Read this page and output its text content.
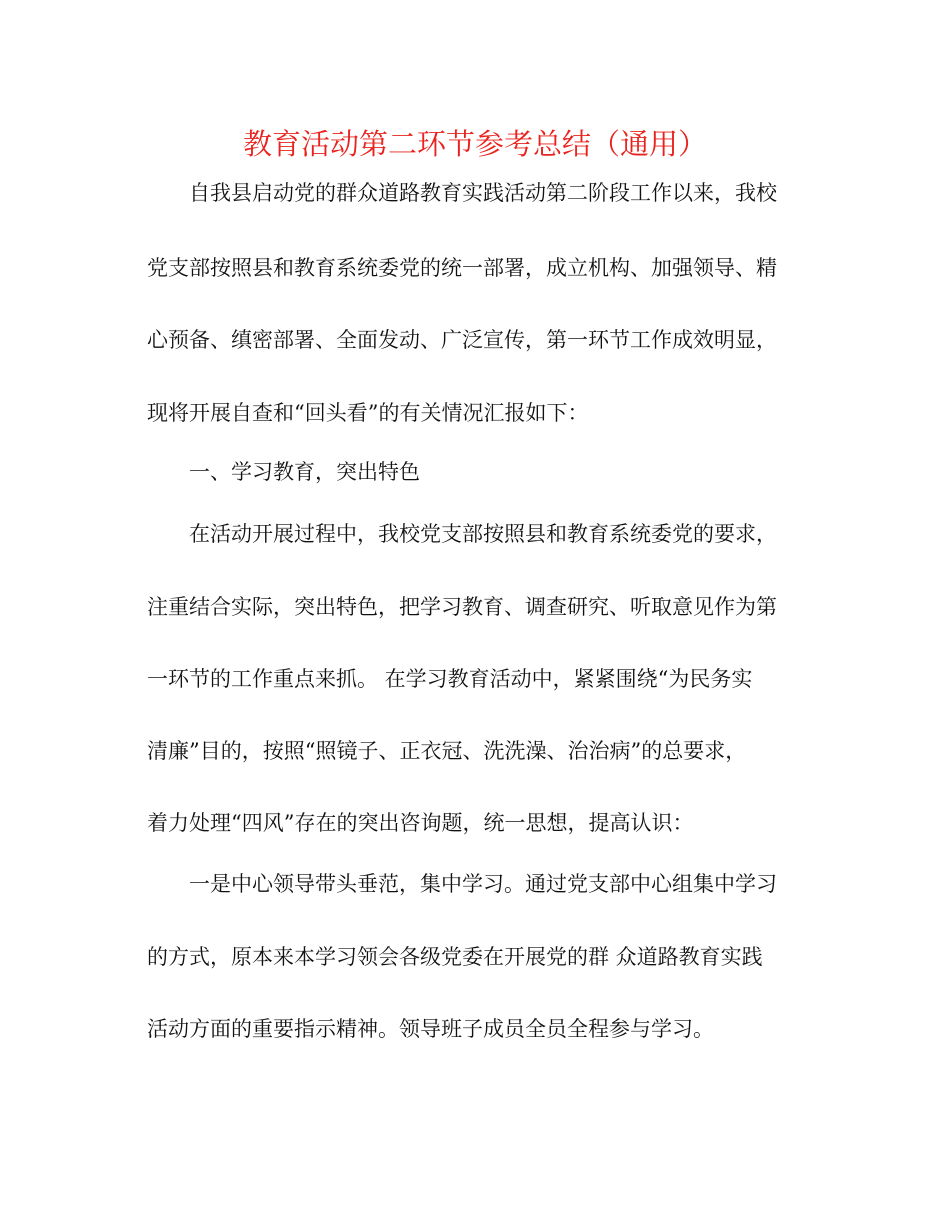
教育活动第二环节参考总结（通用）
自我县启动党的群众道路教育实践活动第二阶段工作以来，我校
党支部按照县和教育系统委党的统一部署，成立机构、加强领导、精
心预备、缜密部署、全面发动、广泛宣传，第一环节工作成效明显，
现将开展自查和“回头看”的有关情况汇报如下：
一、学习教育，突出特色
在活动开展过程中，我校党支部按照县和教育系统委党的要求，
注重结合实际，突出特色，把学习教育、调查研究、听取意见作为第
一环节的工作重点来抓。 在学习教育活动中，紧紧围绕“为民务实
清廉”目的，按照“照镜子、正衣冠、洗洗澡、治治病”的总要求，
着力处理“四风”存在的突出咨询题，统一思想，提高认识：
一是中心领导带头垂范，集中学习。通过党支部中心组集中学习
的方式，原本来本学习领会各级党委在开展党的群 众道路教育实践
活动方面的重要指示精神。领导班子成员全员全程参与学习。
